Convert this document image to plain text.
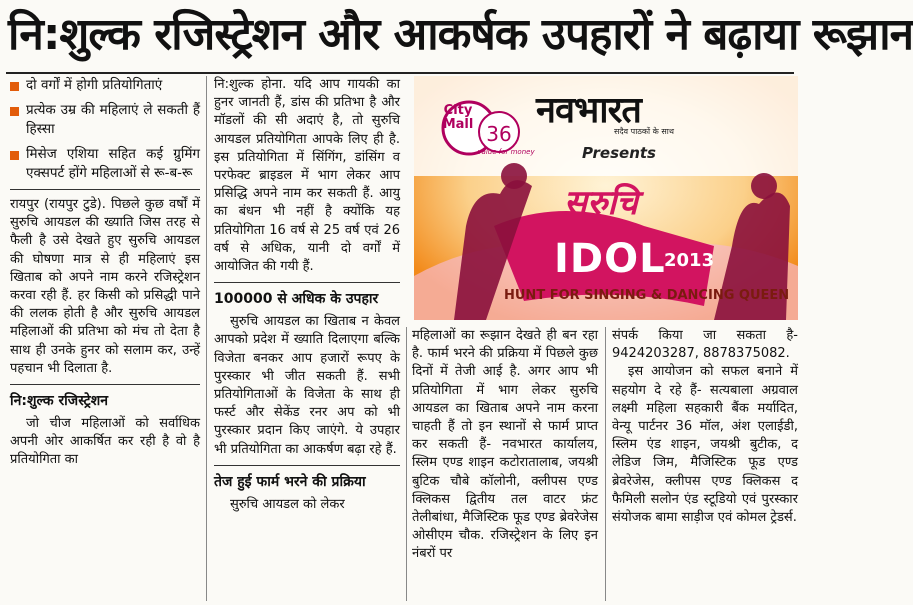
नि:शुल्क रजिस्ट्रेशन और आकर्षक उपहारों ने बढ़ाया रूझान
दो वर्गों में होगी प्रतियोगिताएं
प्रत्येक उम्र की महिलाएं ले सकती हैं हिस्सा
मिसेज एशिया सहित कई ग्रुमिंग एक्सपर्ट होंगे महिलाओं से रू-ब-रू

रायपुर (रायपुर टुडे). पिछले कुछ वर्षों में सुरुचि आयडल की ख्याति जिस तरह से फैली है उसे देखते हुए सुरुचि आयडल की घोषणा मात्र से ही महिलाएं इस खिताब को अपने नाम करने रजिस्ट्रेशन करवा रही हैं. हर किसी को प्रसिद्धी पाने की ललक होती है और सुरुचि आयडल महिलाओं की प्रतिभा को मंच तो देता है साथ ही उनके हुनर को सलाम कर, उन्हें पहचान भी दिलाता है.

नि:शुल्क रजिस्ट्रेशन

जो चीज महिलाओं को सर्वाधिक अपनी ओर आकर्षित कर रही है वो है प्रतियोगिता का

नि:शुल्क होना. यदि आप गायकी का हुनर जानती हैं, डांस की प्रतिभा है और मॉडलों की सी अदाएं है, तो सुरुचि आयडल प्रतियोगिता आपके लिए ही है. इस प्रतियोगिता में सिंगिंग, डांसिंग व परफेक्ट ब्राइडल में भाग लेकर आप प्रसिद्धि अपने नाम कर सकती हैं. आयु का बंधन भी नहीं है क्योंकि यह प्रतियोगिता 16 वर्ष से 25 वर्ष एवं 26 वर्ष से अधिक, यानी दो वर्गों में आयोजित की गयी हैं.

100000 से अधिक के उपहार

सुरुचि आयडल का खिताब न केवल आपको प्रदेश में ख्याति दिलाएगा बल्कि विजेता बनकर आप हजारों रूपए के पुरस्कार भी जीत सकती हैं. सभी प्रतियोगिताओं के विजेता के साथ ही फर्स्ट और सेकेंड रनर अप को भी पुरस्कार प्रदान किए जाएंगे. ये उपहार भी प्रतियोगिता का आकर्षण बढ़ा रहे हैं.

तेज हुई फार्म भरने की प्रक्रिया

सुरुचि आयडल को लेकर

City Mall 36
value for money
नवभारत
सदैव पाठकों के साथ
Presents
सुरुचि
IDOL
2013
HUNT FOR SINGING & DANCING QUEEN

महिलाओं का रूझान देखते ही बन रहा है. फार्म भरने की प्रक्रिया में पिछले कुछ दिनों में तेजी आई है. अगर आप भी प्रतियोगिता में भाग लेकर सुरुचि आयडल का खिताब अपने नाम करना चाहती हैं तो इन स्थानों से फार्म प्राप्त कर सकती हैं- नवभारत कार्यालय, स्लिम एण्ड शाइन कटोरातालाब, जयश्री बुटिक चौबे कॉलोनी, क्लीपस एण्ड क्लिकस द्वितीय तल वाटर फ्रंट तेलीबांधा, मैजिस्टिक फूड एण्ड ब्रेवरेजेस ओसीएम चौक. रजिस्ट्रेशन के लिए इन नंबरों पर

संपर्क किया जा सकता है- 9424203287, 8878375082.

इस आयोजन को सफल बनाने में सहयोग दे रहे हैं- सत्यबाला अग्रवाल लक्ष्मी महिला सहकारी बैंक मर्यादित, वेन्यू पार्टनर 36 मॉल, अंश एलाईडी, स्लिम एंड शाइन, जयश्री बुटीक, द लेडिज जिम, मैजिस्टिक फूड एण्ड ब्रेवरेजेस, क्लीपस एण्ड क्लिकस द फैमिली सलोन एंड स्टूडियो एवं पुरस्कार संयोजक बामा साड़ीज एवं कोमल ट्रेडर्स.
